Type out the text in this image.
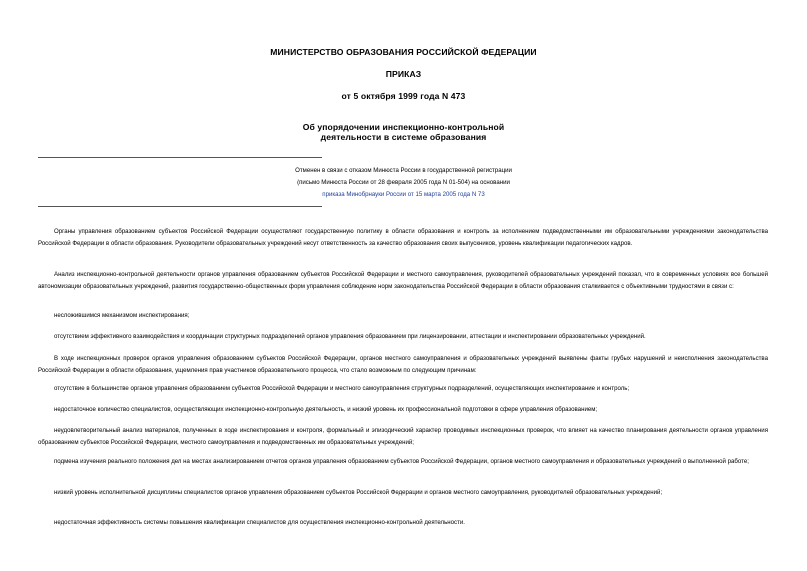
МИНИСТЕРСТВО ОБРАЗОВАНИЯ РОССИЙСКОЙ ФЕДЕРАЦИИ
ПРИКАЗ
от 5 октября 1999 года N 473
Об упорядочении инспекционно-контрольной
деятельности в системе образования
Отменен в связи с отказом Минюста России в государственной регистрации
(письмо Минюста России от 28 февраля 2005 года N 01-504) на основании
приказа Минобрнауки России от 15 марта 2005 года N 73

Органы управления образованием субъектов Российской Федерации осуществляют государственную политику в области образования и контроль за исполнением подведомственными им образовательными учреждениями законодательства Российской Федерации в области образования. Руководители образовательных учреждений несут ответственность за качество образования своих выпускников, уровень квалификации педагогических кадров.

Анализ инспекционно-контрольной деятельности органов управления образованием субъектов Российской Федерации и местного самоуправления, руководителей образовательных учреждений показал, что в современных условиях все большей автономизации образовательных учреждений, развития государственно-общественных форм управления соблюдение норм законодательства Российской Федерации в области образования сталкивается с объективными трудностями в связи с:

несложившимся механизмом инспектирования;

отсутствием эффективного взаимодействия и координации структурных подразделений органов управления образованием при лицензировании, аттестации и инспектировании образовательных учреждений.

В ходе инспекционных проверок органов управления образованием субъектов Российской Федерации, органов местного самоуправления и образовательных учреждений выявлены факты грубых нарушений и неисполнения законодательства Российской Федерации в области образования, ущемления прав участников образовательного процесса, что стало возможным по следующим причинам:

отсутствие в большинстве органов управления образованием субъектов Российской Федерации и местного самоуправления структурных подразделений, осуществляющих инспектирование и контроль;

недостаточное количество специалистов, осуществляющих инспекционно-контрольную деятельность, и низкий уровень их профессиональной подготовки в сфере управления образованием;

неудовлетворительный анализ материалов, полученных в ходе инспектирования и контроля, формальный и эпизодический характер проводимых инспекционных проверок, что влияет на качество планирования деятельности органов управления образованием субъектов Российской Федерации, местного самоуправления и подведомственных им образовательных учреждений;

подмена изучения реального положения дел на местах анализированием отчетов органов управления образованием субъектов Российской Федерации, органов местного самоуправления и образовательных учреждений о выполненной работе;

низкий уровень исполнительной дисциплины специалистов органов управления образованием субъектов Российской Федерации и органов местного самоуправления, руководителей образовательных учреждений;

недостаточная эффективность системы повышения квалификации специалистов для осуществления инспекционно-контрольной деятельности.
